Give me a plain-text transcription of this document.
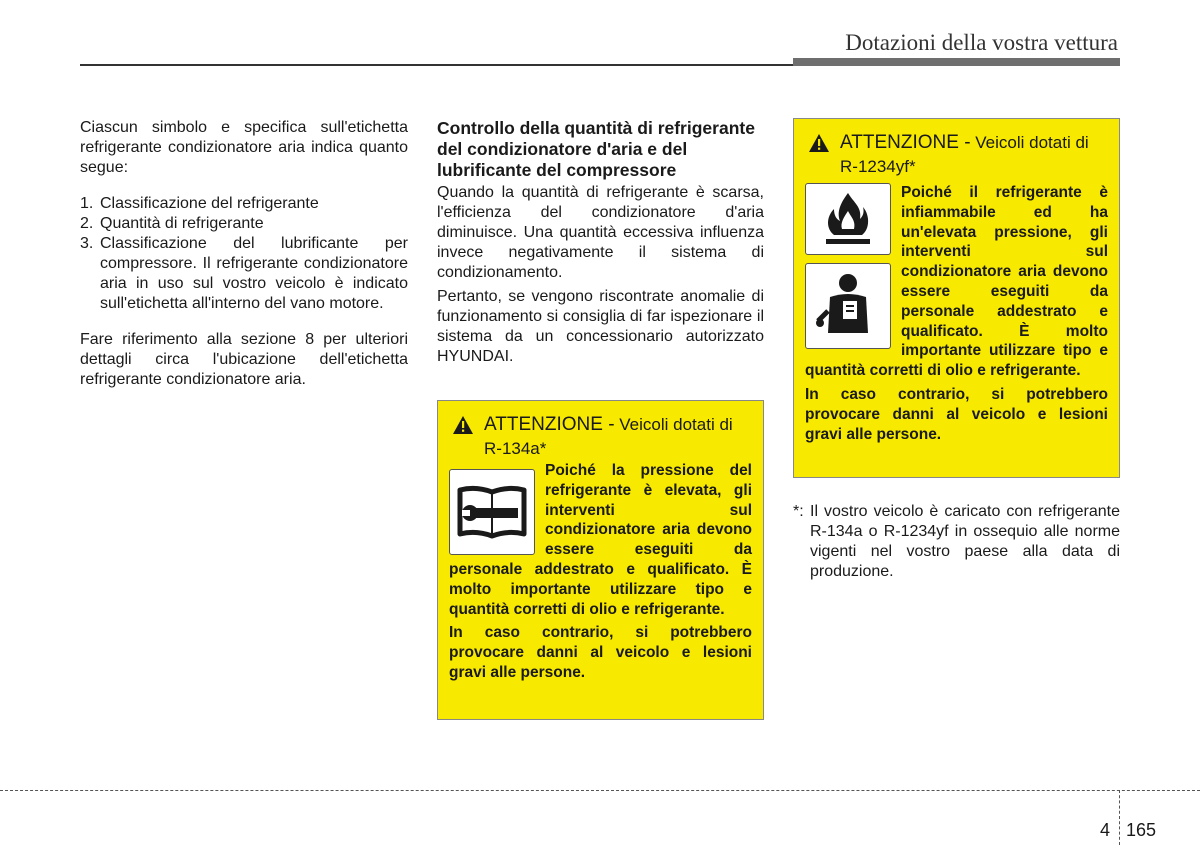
Dotazioni della vostra vettura

Ciascun simbolo e specifica sull'etichetta refrigerante condizionatore aria indica quanto segue:

1. Classificazione del refrigerante
2. Quantità di refrigerante
3. Classificazione del lubrificante per compressore. Il refrigerante condizionatore aria in uso sul vostro veicolo è indicato sull'etichetta all'interno del vano motore.

Fare riferimento alla sezione 8 per ulteriori dettagli circa l'ubicazione dell'etichetta refrigerante condizionatore aria.

Controllo della quantità di refrigerante del condizionatore d'aria e del lubrificante del compressore

Quando la quantità di refrigerante è scarsa, l'efficienza del condizionatore d'aria diminuisce. Una quantità eccessiva influenza invece negativamente il sistema di condizionamento.

Pertanto, se vengono riscontrate anomalie di funzionamento si consiglia di far ispezionare il sistema da un concessionario autorizzato HYUNDAI.

ATTENZIONE - Veicoli dotati di R-134a*

Poiché la pressione del refrigerante è elevata, gli interventi sul condizionatore aria devono essere eseguiti da personale addestrato e qualificato. È molto importante utilizzare tipo e quantità corretti di olio e refrigerante.

In caso contrario, si potrebbero provocare danni al veicolo e lesioni gravi alle persone.

ATTENZIONE - Veicoli dotati di R-1234yf*

Poiché il refrigerante è infiammabile ed ha un'elevata pressione, gli interventi sul condizionatore aria devono essere eseguiti da personale addestrato e qualificato. È molto importante utilizzare tipo e quantità corretti di olio e refrigerante.

In caso contrario, si potrebbero provocare danni al veicolo e lesioni gravi alle persone.

*: Il vostro veicolo è caricato con refrigerante R-134a o R-1234yf in ossequio alle norme vigenti nel vostro paese alla data di produzione.
4 165
